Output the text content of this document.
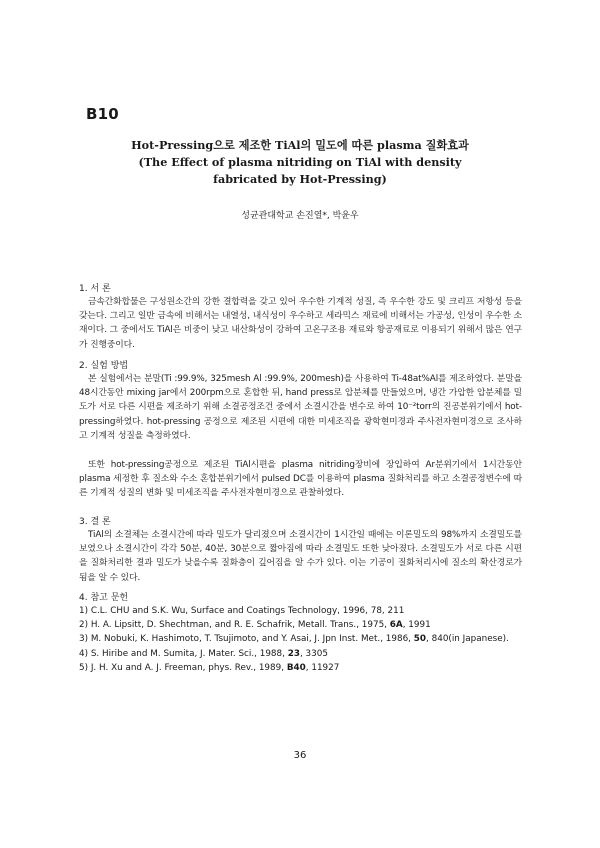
B10
Hot-Pressing으로 제조한 TiAl의 밀도에 따른 plasma 질화효과
(The Effect of plasma nitriding on TiAl with density
fabricated by Hot-Pressing)
성균관대학교 손진열*, 박윤우
1. 서 론
금속간화합물은 구성원소간의 강한 결합력을 갖고 있어 우수한 기계적 성질, 즉 우수한 강도 및 크리프 저항성 등을 갖는다. 그리고 일반 금속에 비해서는 내열성, 내식성이 우수하고 세라믹스 재료에 비해서는 가공성, 인성이 우수한 소재이다. 그 중에서도 TiAl은 비중이 낮고 내산화성이 강하여 고온구조용 재료와 항공재료로 이용되기 위해서 많은 연구가 진행중이다.
2. 실험 방법
본 실험에서는 분말(Ti :99.9%, 325mesh Al :99.9%, 200mesh)을 사용하여 Ti-48at%Al를 제조하였다. 분말을 48시간동안 mixing jar에서 200rpm으로 혼합한 뒤, hand press로 압분체를 만들었으며, 냉간 가압한 압분체를 밀도가 서로 다른 시편을 제조하기 위해 소결공정조건 중에서 소결시간을 변수로 하여 10⁻²torr의 진공분위기에서 hot-pressing하였다. hot-pressing 공정으로 제조된 시편에 대한 미세조직을 광학현미경과 주사전자현미경으로 조사하고 기계적 성질을 측정하였다.
또한 hot-pressing공정으로 제조된 TiAl시편을 plasma nitriding장비에 장입하여 Ar분위기에서 1시간동안 plasma 세정한 후 질소와 수소 혼합분위기에서 pulsed DC를 이용하여 plasma 질화처리를 하고 소결공정변수에 따른 기계적 성질의 변화 및 미세조직을 주사전자현미경으로 관찰하였다.
3. 결 론
TiAl의 소결체는 소결시간에 따라 밀도가 달리졌으며 소결시간이 1시간일 때에는 이론밀도의 98%까지 소결밀도를 보였으나 소결시간이 각각 50분, 40분, 30분으로 짧아짐에 따라 소결밀도 또한 낮아졌다. 소결밀도가 서로 다른 시편을 질화처리한 결과 밀도가 낮을수록 질화층이 깊어짐을 알 수가 있다. 이는 기공이 질화처리시에 질소의 확산경로가 됨을 알 수 있다.
4. 참고 문헌
1) C.L. CHU and S.K. Wu, Surface and Coatings Technology, 1996, 78, 211
2) H. A. Lipsitt, D. Shechtman, and R. E. Schafrik, Metall. Trans., 1975, 6A, 1991
3) M. Nobuki, K. Hashimoto, T. Tsujimoto, and Y. Asai, J. Jpn Inst. Met., 1986, 50, 840(in Japanese).
4) S. Hiribe and M. Sumita, J. Mater. Sci., 1988, 23, 3305
5) J. H. Xu and A. J. Freeman, phys. Rev., 1989, B40, 11927
36
